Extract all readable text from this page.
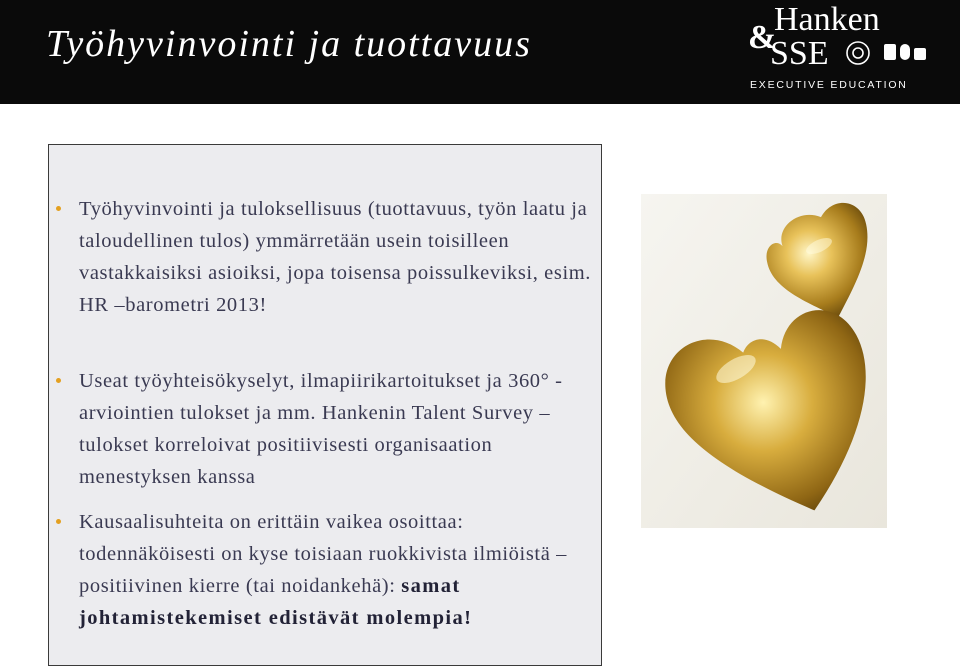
Työhyvinvointi ja tuottavuus	&
Hanken
SSE
EXECUTIVE EDUCATION
Työhyvinvointi ja tuloksellisuus (tuottavuus, työn laatu ja taloudellinen tulos) ymmärretään usein toisilleen vastakkaisiksi asioiksi, jopa toisensa poissulkeviksi, esim. HR –barometri 2013!
Useat työyhteisökyselyt, ilmapiirikartoitukset ja 360° -arviointien tulokset ja mm. Hankenin Talent Survey –tulokset korreloivat positiivisesti organisaation menestyksen kanssa
Kausaalisuhteita on erittäin vaikea osoittaa: todennäköisesti on kyse toisiaan ruokkivista ilmiöistä – positiivinen kierre (tai noidankehä): samat johtamistekemiset edistävät molempia!
